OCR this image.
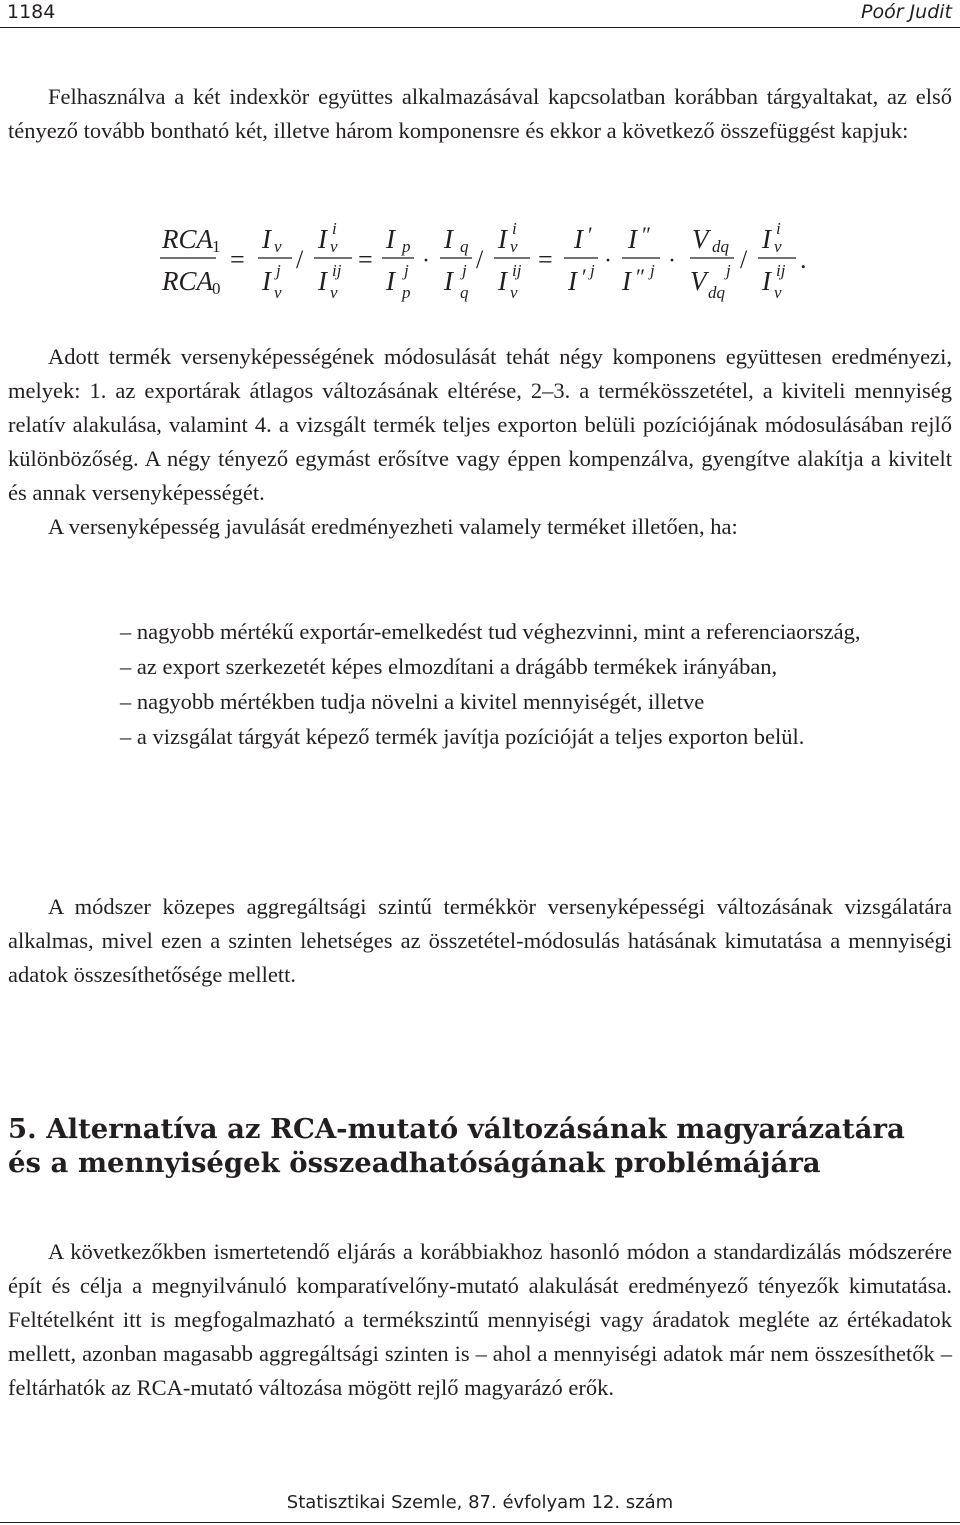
1184	Poór Judit

Felhasználva a két indexkör együttes alkalmazásával kapcsolatban korábban tárgyaltakat, az első tényező tovább bontható két, illetve három komponensre és ekkor a következő összefüggést kapjuk:

RCA 1
RCA 0
=
I v
I j
v
/
I i
v
I ij
v
=
I p
I j
p
·
I q
I j
q
/
I i
v
I ij
v
=
I ′
I ′ j ·
I ″
I ″ j ·
V dq
V j
dq
/
I i
v
I ij
v
.

Adott termék versenyképességének módosulását tehát négy komponens együttesen eredményezi, melyek: 1. az exportárak átlagos változásának eltérése, 2–3. a termékösszetétel, a kiviteli mennyiség relatív alakulása, valamint 4. a vizsgált termék teljes exporton belüli pozíciójának módosulásában rejlő különbözőség. A négy tényező egymást erősítve vagy éppen kompenzálva, gyengítve alakítja a kivitelt és annak versenyképességét.

A versenyképesség javulását eredményezheti valamely terméket illetően, ha:

– nagyobb mértékű exportár-emelkedést tud véghezvinni, mint a referenciaország,

– az export szerkezetét képes elmozdítani a drágább termékek irányában,

– nagyobb mértékben tudja növelni a kivitel mennyiségét, illetve

– a vizsgálat tárgyát képező termék javítja pozícióját a teljes exporton belül.

A módszer közepes aggregáltsági szintű termékkör versenyképességi változásának vizsgálatára alkalmas, mivel ezen a szinten lehetséges az összetétel-módosulás hatásának kimutatása a mennyiségi adatok összesíthetősége mellett.

5. Alternatíva az RCA-mutató változásának magyarázatára
és a mennyiségek összeadhatóságának problémájára

A következőkben ismertetendő eljárás a korábbiakhoz hasonló módon a standardizálás módszerére épít és célja a megnyilvánuló komparatívelőny-mutató alakulását eredményező tényezők kimutatása. Feltételként itt is megfogalmazható a termékszintű mennyiségi vagy áradatok megléte az értékadatok mellett, azonban magasabb aggregáltsági szinten is – ahol a mennyiségi adatok már nem összesíthetők – feltárhatók az RCA-mutató változása mögött rejlő magyarázó erők.

Statisztikai Szemle, 87. évfolyam 12. szám
